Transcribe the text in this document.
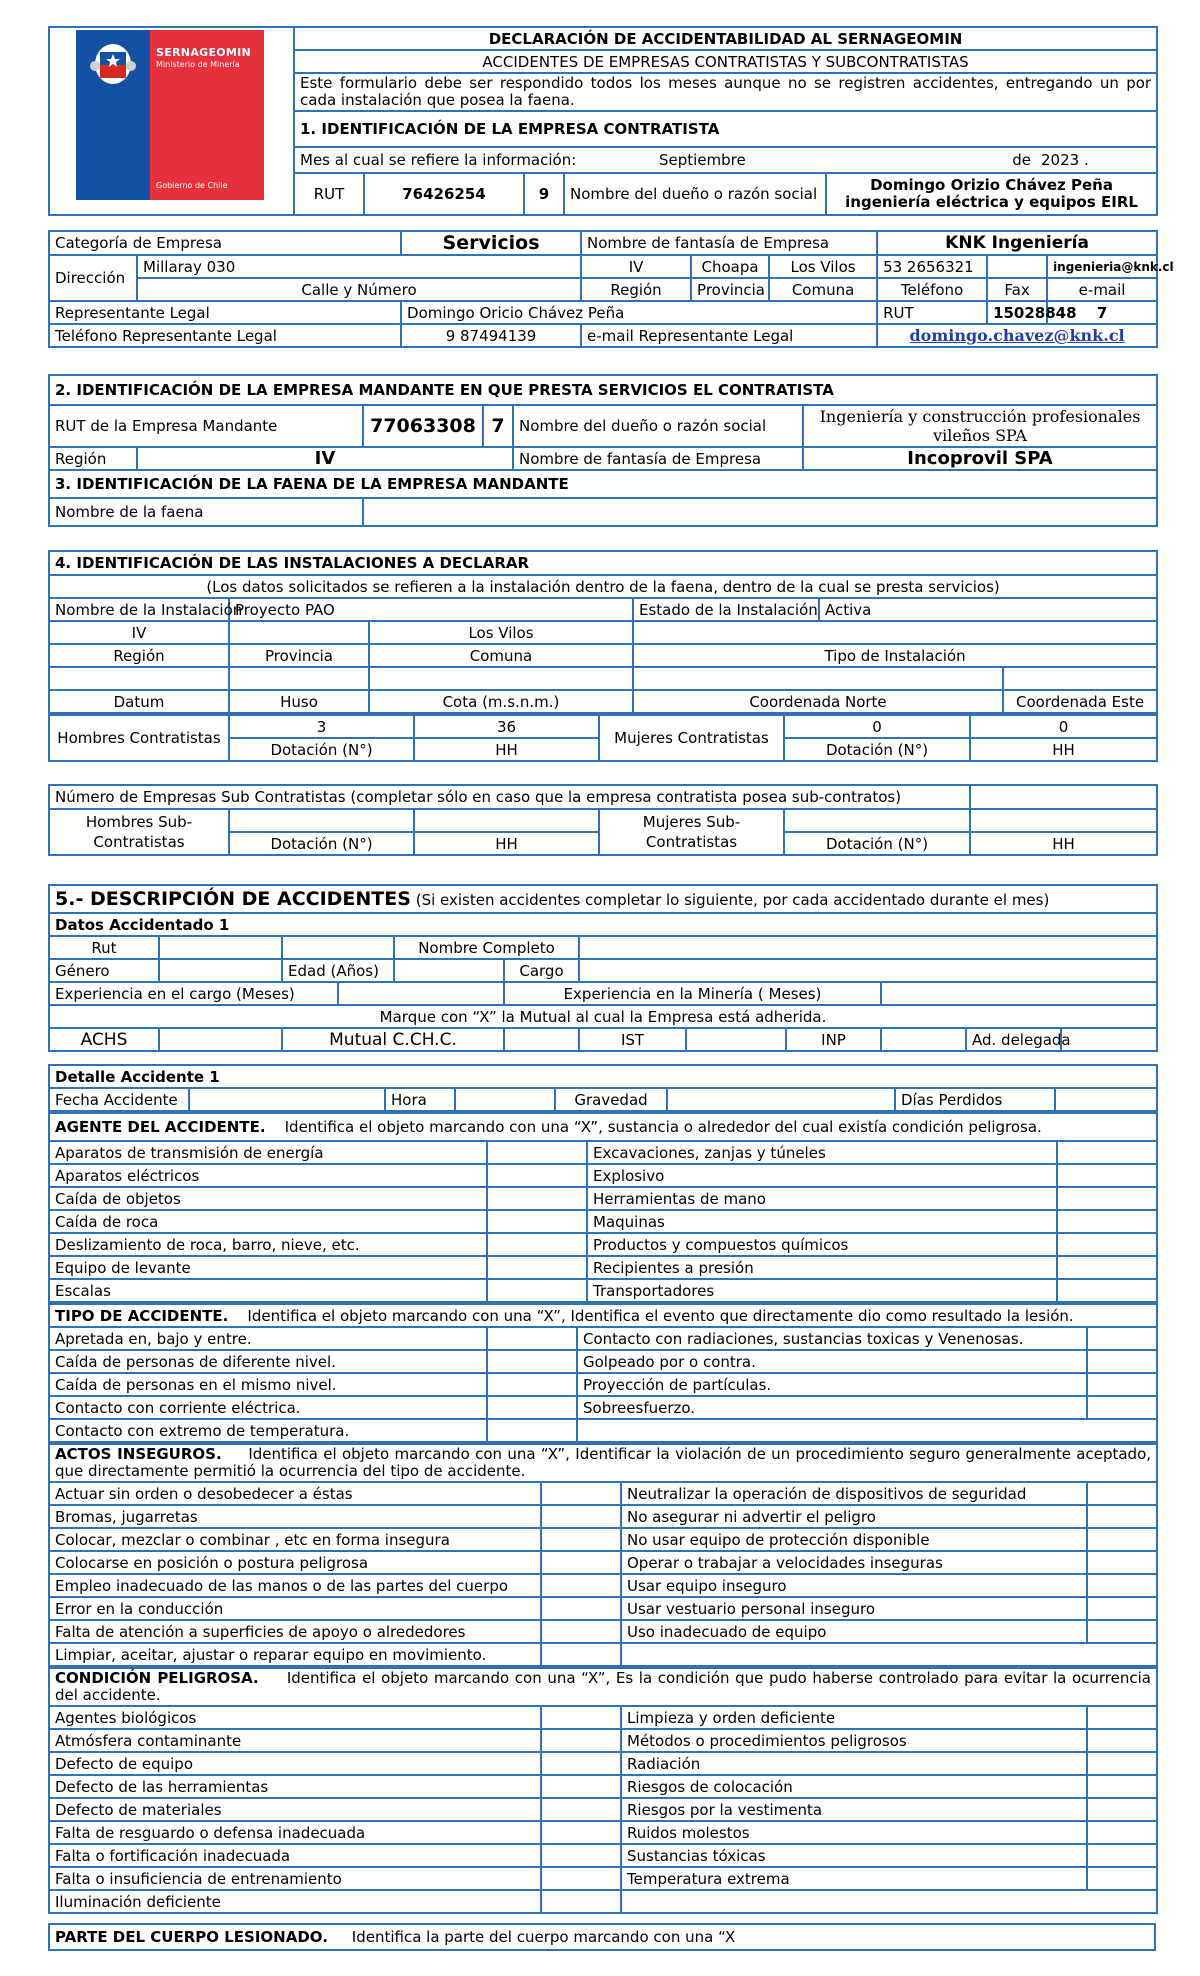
SERNAGEOMIN
Ministerio de Minería
Gobierno de Chile
	DECLARACIÓN DE ACCIDENTABILIDAD AL SERNAGEOMIN							
	ACCIDENTES DE EMPRESAS CONTRATISTAS Y SUBCONTRATISTAS							
	Este formulario debe ser respondido todos los meses aunque no se registren accidentes, entregando un por cada instalación que posea la faena.							
	1. IDENTIFICACIÓN DE LA EMPRESA CONTRATISTA							
	Mes al cual se refiere la información:				Septiembre		de	2023 .
	RUT	76426254	9	Nombre del dueño o razón social		Domingo Orizio Chávez Peña ingeniería eléctrica y equipos EIRL		
Categoría de Empresa		Servicios	Nombre de fantasía de Empresa			KNK Ingeniería		
Dirección	Millaray 030		IV	Choapa	Los Vilos	53 2656321		ingenieria@knk.cl
	Calle y Número		Región	Provincia	Comuna	Teléfono	Fax	e-mail
Representante Legal		Domingo Oricio Chávez Peña				RUT	15028848	7
Teléfono Representante Legal		9 87494139	e-mail Representante Legal			domingo.chavez@knk.cl		
2. IDENTIFICACIÓN DE LA EMPRESA MANDANTE EN QUE PRESTA SERVICIOS EL CONTRATISTA					
RUT de la Empresa Mandante		77063308	7	Nombre del dueño o razón social	Ingeniería y construcción profesionales vileños SPA
Región	IV			Nombre de fantasía de Empresa	Incoprovil SPA
3. IDENTIFICACIÓN DE LA FAENA DE LA EMPRESA MANDANTE					
Nombre de la faena					
4. IDENTIFICACIÓN DE LAS INSTALACIONES A DECLARAR					
(Los datos solicitados se refieren a la instalación dentro de la faena, dentro de la cual se presta servicios)					
Nombre de la Instalación	Proyecto PAO		Estado de la Instalación	Activa	
IV		Los Vilos			
Región	Provincia	Comuna	Tipo de Instalación		

Datum	Huso	Cota (m.s.n.m.)	Coordenada Norte		Coordenada Este
Hombres Contratistas	3	36	Mujeres Contratistas	0	0
	Dotación (N°)	HH		Dotación (N°)	HH
Número de Empresas Sub Contratistas (completar sólo en caso que la empresa contratista posea sub-contratos)					
Hombres Sub-Contratistas			Mujeres Sub-Contratistas		
	Dotación (N°)	HH		Dotación (N°)	HH
5.- DESCRIPCIÓN DE ACCIDENTES (Si existen accidentes completar lo siguiente, por cada accidentado durante el mes)											
Datos Accidentado 1											
Rut				Nombre Completo							
Género		Edad (Años)			Cargo						
Experiencia en el cargo (Meses)					Experiencia en la Minería ( Meses)						
Marque con “X” la Mutual al cual la Empresa está adherida.											
ACHS		Mutual C.CH.C.				IST		INP		Ad. delegada	
Detalle Accidente 1
Fecha Accidente		Hora		Gravedad		Días Perdidos	
AGENTE DEL ACCIDENTE. Identifica el objeto marcando con una “X”, sustancia o alrededor del cual existía condición peligrosa.			
Aparatos de transmisión de energía		Excavaciones, zanjas y túneles	
Aparatos eléctricos		Explosivo	
Caída de objetos		Herramientas de mano	
Caída de roca		Maquinas	
Deslizamiento de roca, barro, nieve, etc.		Productos y compuestos químicos	
Equipo de levante		Recipientes a presión	
Escalas		Transportadores	
TIPO DE ACCIDENTE. Identifica el objeto marcando con una “X”, Identifica el evento que directamente dio como resultado la lesión.			
Apretada en, bajo y entre.		Contacto con radiaciones, sustancias toxicas y Venenosas.	
Caída de personas de diferente nivel.		Golpeado por o contra.	
Caída de personas en el mismo nivel.		Proyección de partículas.	
Contacto con corriente eléctrica.		Sobreesfuerzo.	
Contacto con extremo de temperatura.			
ACTOS INSEGUROS. Identifica el objeto marcando con una “X”, Identificar la violación de un procedimiento seguro generalmente aceptado, que directamente permitió la ocurrencia del tipo de accidente.			
Actuar sin orden o desobedecer a éstas		Neutralizar la operación de dispositivos de seguridad	
Bromas, jugarretas		No asegurar ni advertir el peligro	
Colocar, mezclar o combinar , etc en forma insegura		No usar equipo de protección disponible	
Colocarse en posición o postura peligrosa		Operar o trabajar a velocidades inseguras	
Empleo inadecuado de las manos o de las partes del cuerpo		Usar equipo inseguro	
Error en la conducción		Usar vestuario personal inseguro	
Falta de atención a superficies de apoyo o alrededores		Uso inadecuado de equipo	
Limpiar, aceitar, ajustar o reparar equipo en movimiento.			
CONDICIÓN PELIGROSA. Identifica el objeto marcando con una “X”, Es la condición que pudo haberse controlado para evitar la ocurrencia del accidente.			
Agentes biológicos		Limpieza y orden deficiente	
Atmósfera contaminante		Métodos o procedimientos peligrosos	
Defecto de equipo		Radiación	
Defecto de las herramientas		Riesgos de colocación	
Defecto de materiales		Riesgos por la vestimenta	
Falta de resguardo o defensa inadecuada		Ruidos molestos	
Falta o fortificación inadecuada		Sustancias tóxicas	
Falta o insuficiencia de entrenamiento		Temperatura extrema	
Iluminación deficiente			
PARTE DEL CUERPO LESIONADO. Identifica la parte del cuerpo marcando con una “X
